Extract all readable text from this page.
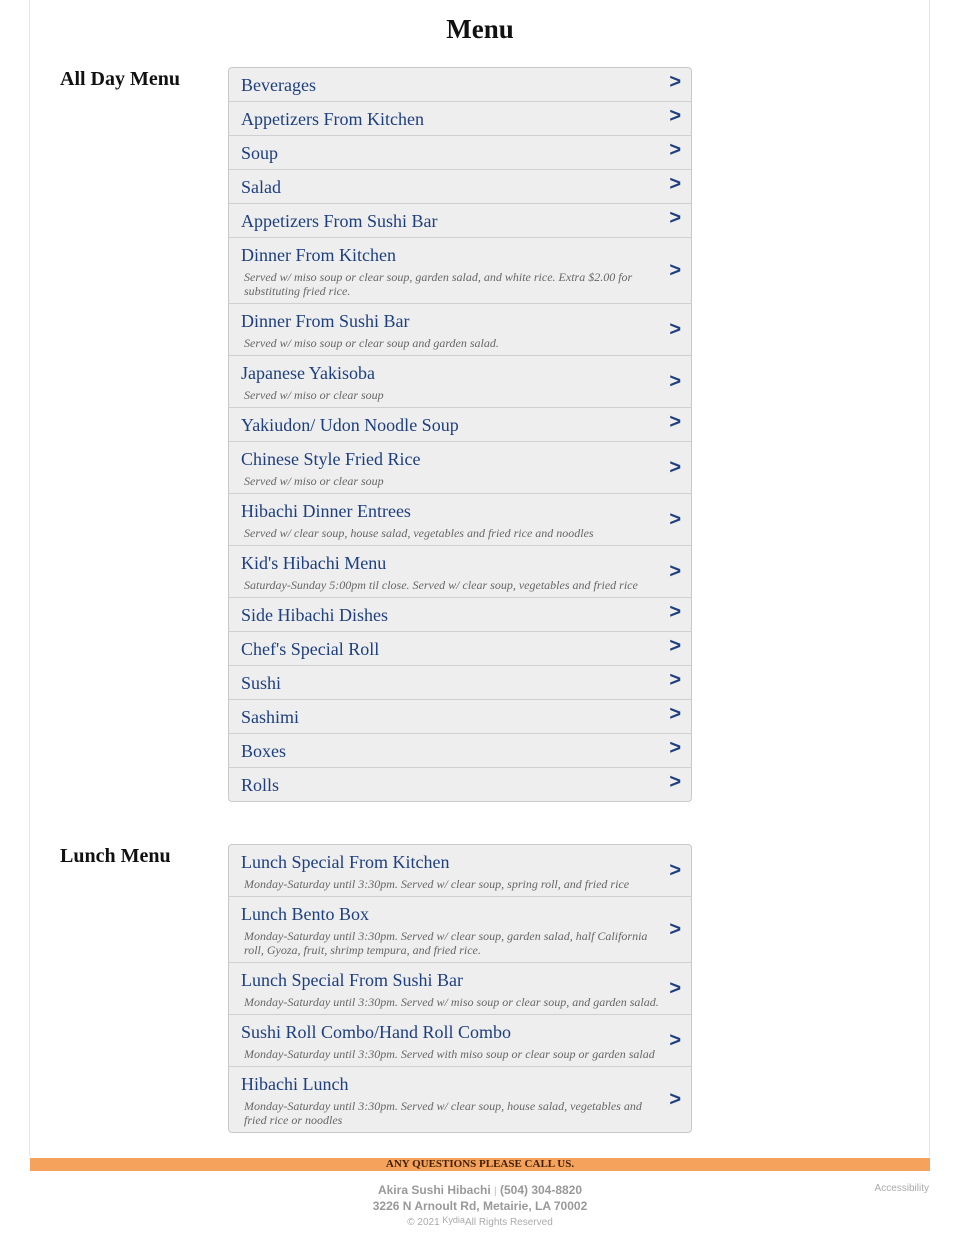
Menu
All Day Menu	Beverages	>
Appetizers From Kitchen	>
Soup	>
Salad	>
Appetizers From Sushi Bar	>
Dinner From Kitchen
Served w/ miso soup or clear soup, garden salad, and white rice. Extra $2.00 for substituting fried rice.
>
Dinner From Sushi Bar
Served w/ miso soup or clear soup and garden salad.
>
Japanese Yakisoba
Served w/ miso or clear soup
>
Yakiudon/ Udon Noodle Soup	>
Chinese Style Fried Rice
Served w/ miso or clear soup
>
Hibachi Dinner Entrees
Served w/ clear soup, house salad, vegetables and fried rice and noodles
>
Kid's Hibachi Menu
Saturday-Sunday 5:00pm til close. Served w/ clear soup, vegetables and fried rice
>
Side Hibachi Dishes	>
Chef's Special Roll	>
Sushi	>
Sashimi	>
Boxes	>
Rolls	>
Lunch Menu	Lunch Special From Kitchen
Monday-Saturday until 3:30pm. Served w/ clear soup, spring roll, and fried rice
>
Lunch Bento Box
Monday-Saturday until 3:30pm. Served w/ clear soup, garden salad, half California roll, Gyoza, fruit, shrimp tempura, and fried rice.
>
Lunch Special From Sushi Bar
Monday-Saturday until 3:30pm. Served w/ miso soup or clear soup, and garden salad.
>
Sushi Roll Combo/Hand Roll Combo
Monday-Saturday until 3:30pm. Served with miso soup or clear soup or garden salad
>
Hibachi Lunch
Monday-Saturday until 3:30pm. Served w/ clear soup, house salad, vegetables and fried rice or noodles
>
ANY QUESTIONS PLEASE CALL US.
Akira Sushi Hibachi | (504) 304-8820
3226 N Arnoult Rd, Metairie, LA 70002
© 2021 KydiaAll Rights Reserved
Accessibility
